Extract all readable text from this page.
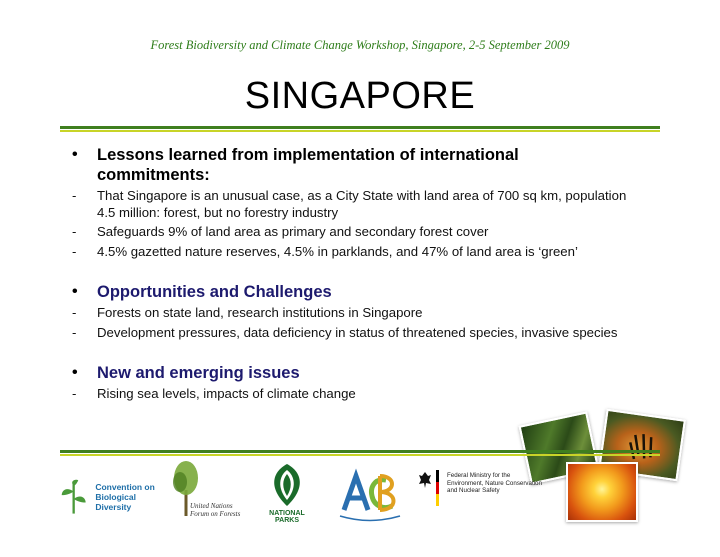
Forest Biodiversity and Climate Change Workshop, Singapore, 2-5 September 2009
SINGAPORE
•	Lessons learned from implementation of international commitments:
-	That Singapore is an unusual case, as a City State with land area of 700 sq km, population 4.5 million: forest, but no forestry industry
-	Safeguards 9% of land area as primary and secondary forest cover
-	4.5% gazetted nature reserves, 4.5% in parklands, and 47% of land area is ‘green’
•	Opportunities and Challenges
-	Forests on state land, research institutions in Singapore
-	Development pressures, data deficiency in status of threatened species, invasive species
•	New and emerging issues
-	Rising sea levels, impacts of climate change
Convention on
Biological Diversity	United Nations
Forum on Forests	NATIONAL
PARKS
Federal Ministry for the
Environment, Nature Conservation
and Nuclear Safety
